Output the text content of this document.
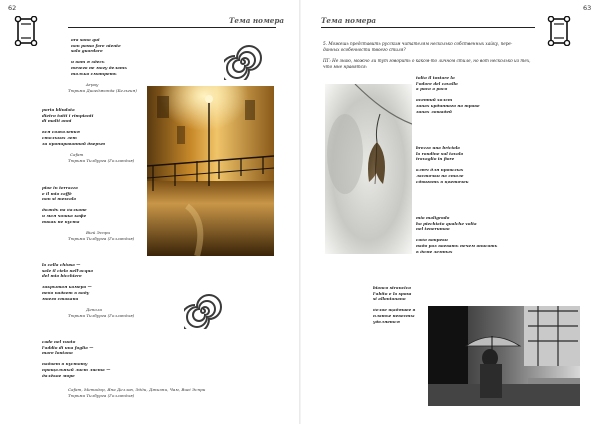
62
Тема номера
ora sono qui
non posso fare niente
solo guardare

и вот я здесь
ничего не могу делать
только смотреть
Arpay
Тюрьма Диоеджонда (Бельгия)
porta blindata
dietro tutti i rimpianti
di molti anni

вся сожаления
стольких лет
за бронированной дверью
Cafam
Тюрьма Тилбурга (Голландия)
pioe in terrazza
e il mio caffè
non si mescola

дождь на балконе
и мая чашка кофе
никак не пуста
Віей Эспри
Тюрьма Тилбурга (Голландия)
la cella chiusa —
sale il cielo nell'acqua
del mio bicchiere

закрытая камера —
небо падает в воду
моего стакана
Депола
Тюрьма Тилбурга (Голландия)
cade nel vuoto
l'addio di una foglia —
mare lontano

падает в пустоту
прощальный лист листа —
далёкое море
Cafam, Метадор, Яна Деллов, Эдди, Джизни, Чам, Виеi Эспри
Тюрьма Тилбурга (Голландия)
63
Тема номера
5. Можешь представить русским читателям несколько собственных хайку, пере-
данных особенности твоего стиля?

ПГ: Не знаю, можно ли тут говорить о каком-то личном стиле, но вот несколько из тех,
что мне нравятся:
tolto il tostare lo
l'odore del cavallo
a poco a poco

осенний холст
запах крдинного на траве
запах лошадей
brezza una briciola
la rondine sul tavolo
travaglio in fiore

ключ для прошлых
ласточки на столе
сдвигать в цветочек
mio maligrado
ho piechiato qualche volta
nel tenerumoo

сабо вопреки
надо раз воевать нечем описать
в доме земных
bianco strancico
l'abito e la sposa
si allontanano

белое щадяшее в
платье невесты
удаляется
